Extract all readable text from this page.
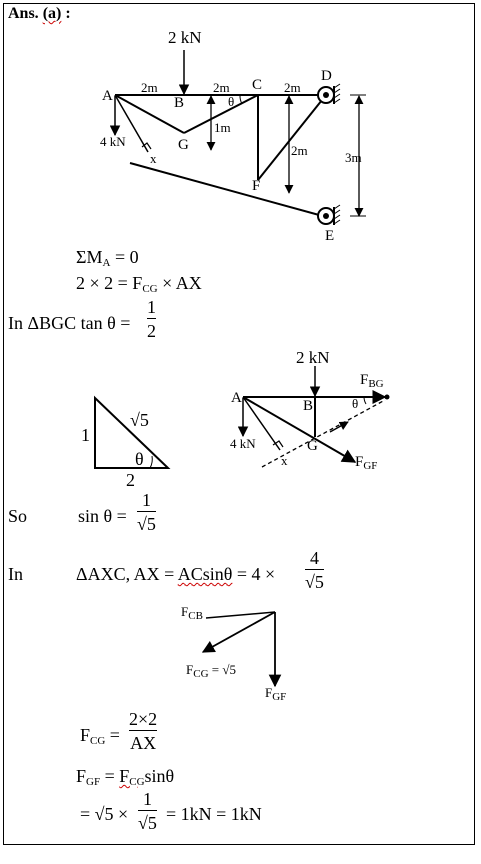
Ans. (a) :
2 kN
2m	2m	2m
1m
2m	3m
4 kN
A	B
C
D
E
F
G
x
θ
$\Sigma M_A = 0$
$2 \times 2 = F_{CG}$ × AX
In ΔBGC tan θ =
1
2
√5
1
2
θ
2 kN
A	B
G
x
θ
4 kN
$F_{BG}$
$F_{GF}$
So	sin θ =
1
√5
In	ΔAXC, AX = ACsinθ = 4 ×
4
√5
$F_{CB}$
$F_{CG} = √5$
$F_{GF}$
$F_{CG}$ =
2×2
AX
$F_{GF} = F_{CG}\sin\theta$
= √5 ×
1
√5 = 1kN = 1kN
